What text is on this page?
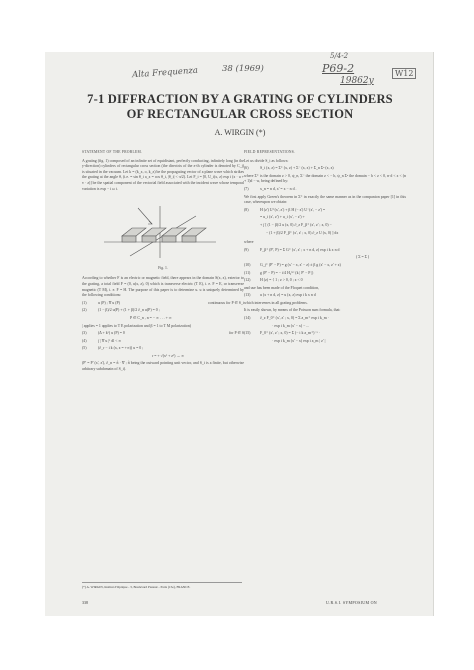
Alta Frequenza	38 (1969)
5/4-2
P69-2
19862y
W12
7-1 DIFFRACTION BY A GRATING OF CYLINDERS
OF RECTANGULAR CROSS SECTION
A. WIRGIN (*)
STATEMENT OF THE PROBLEM.

A grating (fig. 1) composed of an infinite set of equidistant, perfectly conducting, infinitely long (in the y-direction) cylinders of rectangular cross section (the directrix of the z-th cylinder is denoted by C_j) is situated in the vacuum. Let k = (k_x, o, k_z) be the propagating vector of a plane wave which strikes the grating at the angle θ, (i.e. = sin θ_i a_x = cos θ_i, |θ_i| < π/2). Let F_i = [0, U_i(x, z) exp i (x · u + v · z)] be the spatial component of the vectorial field associated with the incident wave whose temporal variation is exp − i ω t.

Fig. 1.

According to whether F is an electric or magnetic field, there appears in the domain S(x, z), exterior to the grating, a total field F = (0, u(x, z), 0) which is transverse electric (T E), i. e. F = E, or transverse magnetic (T M), i. e. F = H. The purpose of this paper is to determine u. u is uniquely determined by the following conditions:

(1)	u (P) ; ∇ u (P)	continuous for P ∈ S_i
(2)	(1 − β)/2 u(P) + (1 + β)/2 ∂_n u(P) = 0 ;
P ∈ C_n , n = − ∞ . . . + ∞

| applies = 1 applies to T E polarization and β = 1 to T M polarization)

(3)	(Δ + k²) u (P) = 0	for P ∈ S
(4)	∫ | ∇ u |² dl < ∞
(5)	(∂_r − i k (x, z = +∞)) u = 0 ;
r = + √(x² + z²) → ∞

(P' = P' (x', z'), ∂_n = n̂ · ∇ ; n̂ being the outward pointing unit vector, and S_i is a finite, but otherwise arbitrary subdomain of S_i).

FIELD REPRESENTATIONS.

Let us divide S_i as follows:

(6)	S_i (x, z) = Σ⁺ (x, z) + Σ⁻ (x, z) + Σ_n Σⁿ (x, z)

where Σ⁺ is the domain z > 0, ψ_n, Σ⁻ the domain z < − h, ψ_n Σⁿ the domain − h < z < 0, n·d < x < (n + 1)d − w, being defined by:

(7)	x_n = n d, x' = x − n d .

We first apply Green's theorem in Σ⁺ in exactly the same manner as in the companion paper [1] in this case, whereupon we obtain:

(8)	H (z') U⁺(x', z') + β H (− z') U⁻(x', − z') =
= u_i (x', z') + u_i (x', − z') +
+ ∫ [ (1 − β)/2 u (x, 0) ∂_z F_β⁺ (x', z' ; x, 0) −
− (1 + β)/2 F_β⁺ (x', z' ; x, 0) ∂_z U (x, 0) ] dx

where

(9)	F_β⁺ (P', P) = Σ G⁺ (x', z' ; x + n d, z) exp i k x n d
( Σ = Σ )
(10)	G_j⁺ (P' − P) = g (x' − x, z' − z) ± β g (x' − x, z' + z)
(11)	g (P' − P) = − i/4 H₀⁽¹⁾ (k | P' − P |)
(12)	H (z) = { 1 ; z > 0, 0 ; z < 0

and use has been made of the Floquet condition,

(13)	u (x + n d, z) = u (x, z) exp i k x n d

which intervenes in all grating problems.

It is easily shown, by means of the Poisson sum formula, that:

(14)	∂_z F_0⁺ (x', z' ; x, 0) = Σ a_m⁺ exp i k_m ·
· exp i k_m (x' − x) − ...
(15)	F_0⁺ (x', z' ; x, 0) = Σ (− i k a_m⁺)⁻¹ ·
· exp i k_m (x' − x) exp i a_m | z' |
(*) A. WIRGIN, Institut d'Optique - 3, Boulevard Pasteur - Paris (15e), FRANCE.
338	U.R.S.I. SYMPOSIUM ON
